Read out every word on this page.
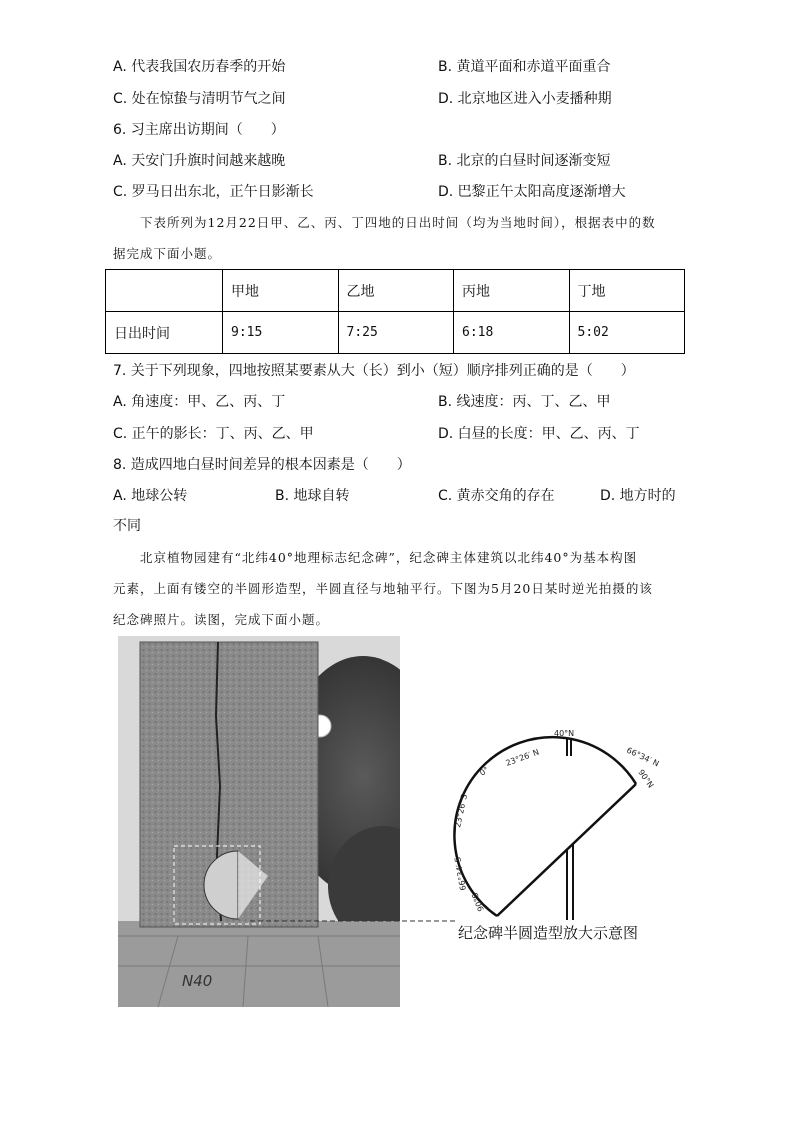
A. 代表我国农历春季的开始	B. 黄道平面和赤道平面重合
C. 处在惊蛰与清明节气之间	D. 北京地区进入小麦播种期
6. 习主席出访期间（　　）
A. 天安门升旗时间越来越晚	B. 北京的白昼时间逐渐变短
C. 罗马日出东北，正午日影渐长	D. 巴黎正午太阳高度逐渐增大
下表所列为12月22日甲、乙、丙、丁四地的日出时间（均为当地时间），根据表中的数
据完成下面小题。
	甲地	乙地	丙地	丁地
日出时间	9:15	7:25	6:18	5:02
7. 关于下列现象，四地按照某要素从大（长）到小（短）顺序排列正确的是（　　）
A. 角速度：甲、乙、丙、丁	B. 线速度：丙、丁、乙、甲
C. 正午的影长：丁、丙、乙、甲	D. 白昼的长度：甲、乙、丙、丁
8. 造成四地白昼时间差异的根本因素是（　　）
A. 地球公转	B. 地球自转	C. 黄赤交角的存在	D. 地方时的
不同
北京植物园建有“北纬40°地理标志纪念碑”，纪念碑主体建筑以北纬40°为基本构图
元素，上面有镂空的半圆形造型，半圆直径与地轴平行。下图为5月20日某时逆光拍摄的该
纪念碑照片。读图，完成下面小题。
N40
40°N
23°26′ N
0°
66°34′ N
90°N
23°26′ S
66°34′ S
90°S
纪念碑半圆造型放大示意图
